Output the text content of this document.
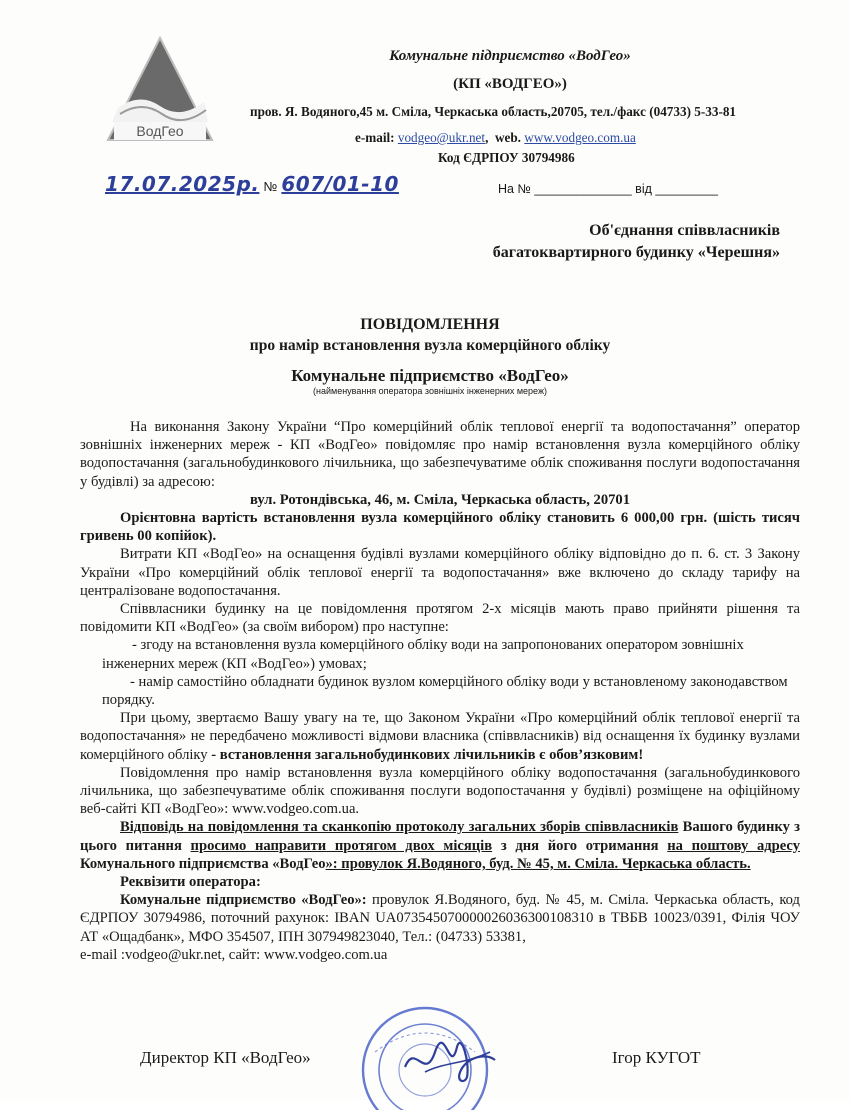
ВодГео
Комунальне підприємство «ВодГео»
(КП «ВОДГЕО»)
пров. Я. Водяного,45 м. Сміла, Черкаська область,20705, тел./факс (04733) 5-33-81
e-mail: vodgeo@ukr.net,  web. www.vodgeo.com.ua
Код ЄДРПОУ 30794986
17.07.2025р. № 607/01-10	На № ______________ від _________
Об'єднання співвласників
багатоквартирного будинку «Черешня»
ПОВІДОМЛЕННЯ
про намір встановлення вузла комерційного обліку
Комунальне підприємство «ВодГео»
(найменування оператора зовнішніх інженерних мереж)
На виконання Закону України “Про комерційний облік теплової енергії та водопостачання” оператор зовнішніх інженерних мереж - КП «ВодГео» повідомляє про намір встановлення вузла комерційного обліку водопостачання (загальнобудинкового лічильника, що забезпечуватиме облік споживання послуги водопостачання у будівлі) за адресою:
вул. Ротондівська, 46, м. Сміла, Черкаська область, 20701
Орієнтовна вартість встановлення вузла комерційного обліку становить 6 000,00 грн. (шість тисяч гривень 00 копійок).
Витрати КП «ВодГео» на оснащення будівлі вузлами комерційного обліку відповідно до п. 6. ст. 3 Закону України «Про комерційний облік теплової енергії та водопостачання» вже включено до складу тарифу на централізоване водопостачання.
Співвласники будинку на це повідомлення протягом 2-х місяців мають право прийняти рішення та повідомити КП «ВодГео» (за своїм вибором) про наступне:
- згоду на встановлення вузла комерційного обліку води на запропонованих оператором зовнішніх інженерних мереж (КП «ВодГео») умовах;
- намір самостійно обладнати будинок вузлом комерційного обліку води у встановленому законодавством порядку.
При цьому, звертаємо Вашу увагу на те, що Законом України «Про комерційний облік теплової енергії та водопостачання» не передбачено можливості відмови власника (співвласників) від оснащення їх будинку вузлами комерційного обліку - встановлення загальнобудинкових лічильників є обов’язковим!
Повідомлення про намір встановлення вузла комерційного обліку водопостачання (загальнобудинкового лічильника, що забезпечуватиме облік споживання послуги водопостачання у будівлі) розміщене на офіційному веб-сайті КП «ВодГео»: www.vodgeo.com.ua.
Відповідь на повідомлення та сканкопію протоколу загальних зборів співвласників Вашого будинку з цього питання просимо направити протягом двох місяців з дня його отримання на поштову адресу Комунального підприємства «ВодГео»: провулок Я.Водяного, буд. № 45, м. Сміла. Черкаська область.
Реквізити оператора:
Комунальне підприємство «ВодГео»: провулок Я.Водяного, буд. № 45, м. Сміла. Черкаська область, код ЄДРПОУ 30794986, поточний рахунок: IBAN UA073545070000026036300108310 в ТВБВ 10023/0391, Філія ЧОУ АТ «Ощадбанк», МФО 354507, ІПН 307949823040, Тел.: (04733) 53381,
e-mail :vodgeo@ukr.net, сайт: www.vodgeo.com.ua
Директор КП «ВодГео»	Ігор КУГОТ
